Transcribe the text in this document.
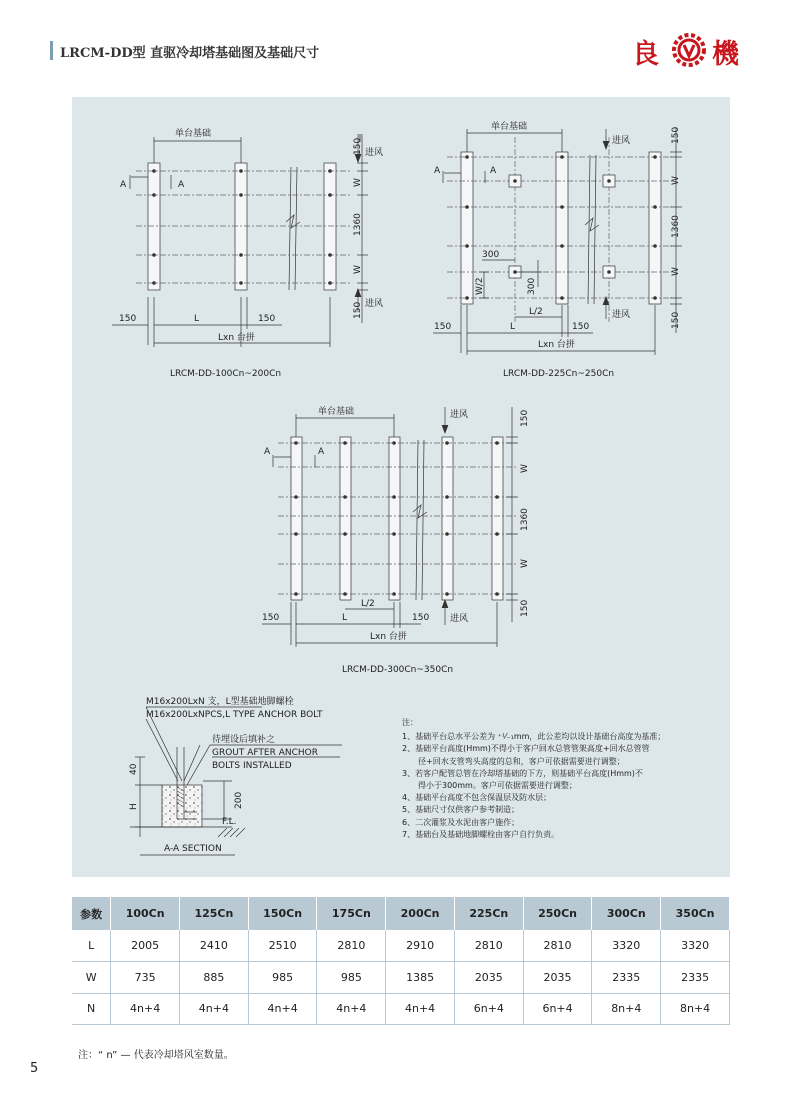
LRCM-DD型 直驱冷却塔基础图及基础尺寸	良 機
单台基础
A	A
进风
进风
150	L	150
Lxn 台拼
150
W
1360
W
150
LRCM-DD-100Cn~200Cn
单台基础
A	A
进风
进风
300
W/2	300
L/2
150	L	150
Lxn 台拼
150
W
1360
W
150
LRCM-DD-225Cn~250Cn
单台基础
A	A
进风
进风
L/2
150	L	150
Lxn 台拼
150
W
1360
W
150
LRCM-DD-300Cn~350Cn
M16x200LxN 支，L型基础地脚螺栓
M16x200LxNPCS,L TYPE ANCHOR BOLT
待埋设后填补之
GROUT AFTER ANCHOR
BOLTS INSTALLED
40
H	200
F.L.
A-A SECTION
注：
1、基础平台总水平公差为 ⁺¹⁄₋₁mm，此公差均以设计基础台高度为基准；
2、基础平台高度(Hmm)不得小于客户回水总管管架高度+回水总管管
　　径+回水支管弯头高度的总和，客户可依据需要进行调整；
3、若客户配管总管在冷却塔基础的下方，则基础平台高度(Hmm)不
　　得小于300mm。客户可依据需要进行调整；
4、基础平台高度不包含保温层及防水层；
5、基础尺寸仅供客户参考制造；
6、二次灌浆及水泥由客户施作；
7、基础台及基础地脚螺栓由客户自行负责。
参数	100Cn	125Cn	150Cn	175Cn	200Cn	225Cn	250Cn	300Cn	350Cn
L	2005	2410	2510	2810	2910	2810	2810	3320	3320
W	735	885	985	985	1385	2035	2035	2335	2335
N	4n+4	4n+4	4n+4	4n+4	4n+4	6n+4	6n+4	8n+4	8n+4
注：“ n” — 代表冷却塔风室数量。
5
